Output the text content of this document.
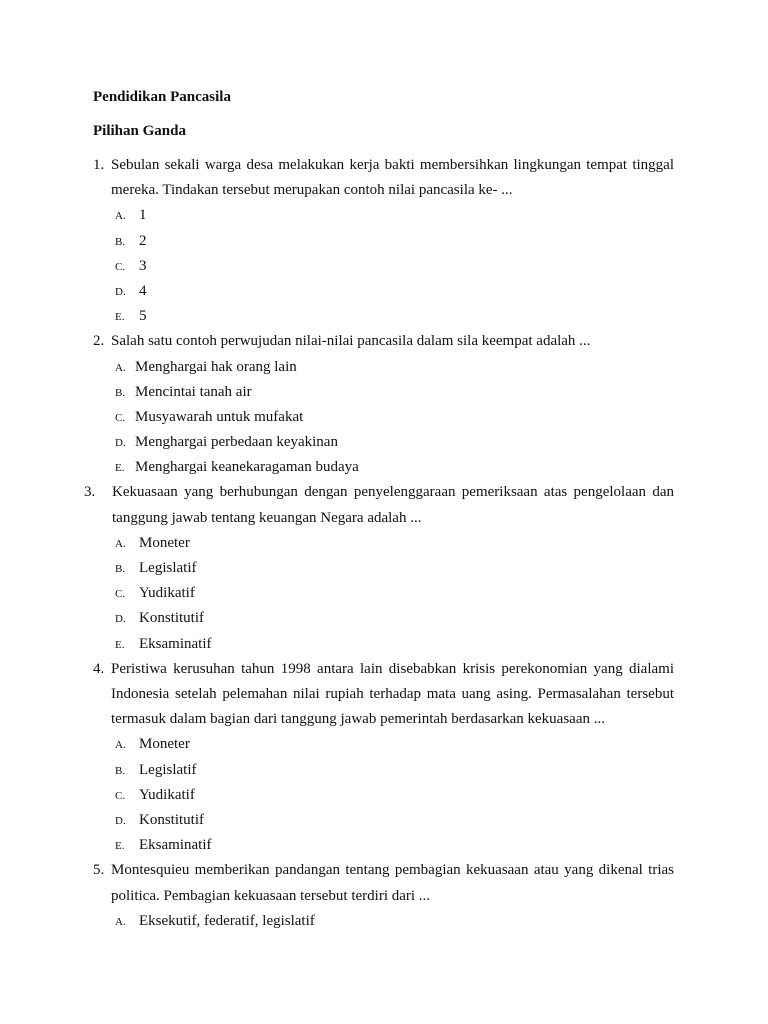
Pendidikan Pancasila
Pilihan Ganda
1. Sebulan sekali warga desa melakukan kerja bakti membersihkan lingkungan tempat tinggal mereka. Tindakan tersebut merupakan contoh nilai pancasila ke- ...
A. 1
B. 2
C. 3
D. 4
E. 5
2. Salah satu contoh perwujudan nilai-nilai pancasila dalam sila keempat adalah ...
A. Menghargai hak orang lain
B. Mencintai tanah air
C. Musyawarah untuk mufakat
D. Menghargai perbedaan keyakinan
E. Menghargai keanekaragaman budaya
3.	Kekuasaan yang berhubungan dengan penyelenggaraan pemeriksaan atas pengelolaan dan tanggung jawab tentang keuangan Negara adalah ...
A. Moneter
B. Legislatif
C. Yudikatif
D. Konstitutif
E. Eksaminatif
4. Peristiwa kerusuhan tahun 1998 antara lain disebabkan krisis perekonomian yang dialami Indonesia setelah pelemahan nilai rupiah terhadap mata uang asing. Permasalahan tersebut termasuk dalam bagian dari tanggung jawab pemerintah berdasarkan kekuasaan ...
A. Moneter
B. Legislatif
C. Yudikatif
D. Konstitutif
E. Eksaminatif
5. Montesquieu memberikan pandangan tentang pembagian kekuasaan atau yang dikenal trias politica. Pembagian kekuasaan tersebut terdiri dari ...
A. Eksekutif, federatif, legislatif
